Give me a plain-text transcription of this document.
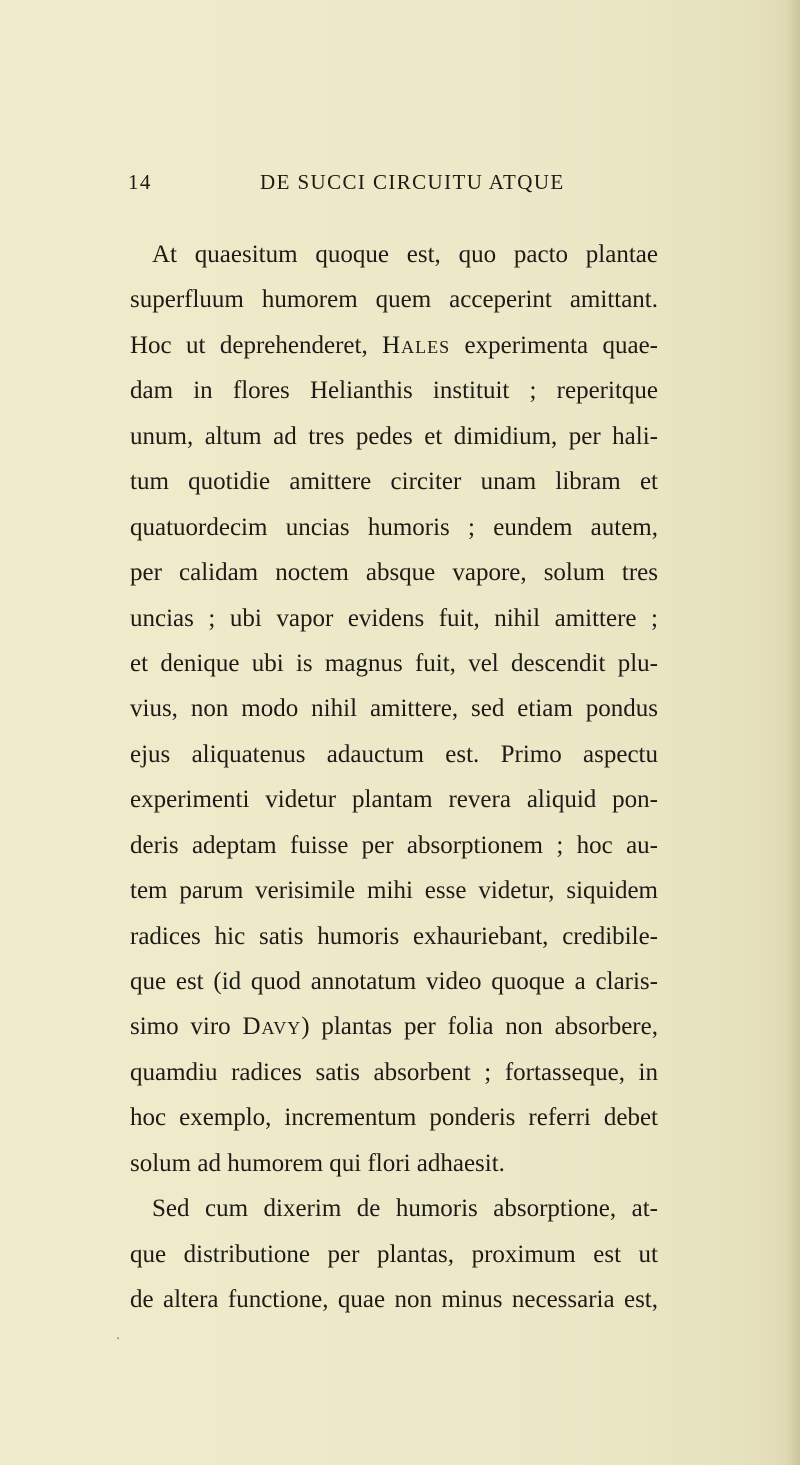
14	DE SUCCI CIRCUITU ATQUE
At quaesitum quoque est, quo pacto plantae
superfluum humorem quem acceperint amittant.
Hoc ut deprehenderet, Hales experimenta quae-
dam in flores Helianthis instituit ; reperitque
unum, altum ad tres pedes et dimidium, per hali-
tum quotidie amittere circiter unam libram et
quatuordecim uncias humoris ; eundem autem,
per calidam noctem absque vapore, solum tres
uncias ; ubi vapor evidens fuit, nihil amittere ;
et denique ubi is magnus fuit, vel descendit plu-
vius, non modo nihil amittere, sed etiam pondus
ejus aliquatenus adauctum est. Primo aspectu
experimenti videtur plantam revera aliquid pon-
deris adeptam fuisse per absorptionem ; hoc au-
tem parum verisimile mihi esse videtur, siquidem
radices hic satis humoris exhauriebant, credibile-
que est (id quod annotatum video quoque a claris-
simo viro Davy) plantas per folia non absorbere,
quamdiu radices satis absorbent ; fortasseque, in
hoc exemplo, incrementum ponderis referri debet
solum ad humorem qui flori adhaesit.
Sed cum dixerim de humoris absorptione, at-
que distributione per plantas, proximum est ut
de altera functione, quae non minus necessaria est,
․
